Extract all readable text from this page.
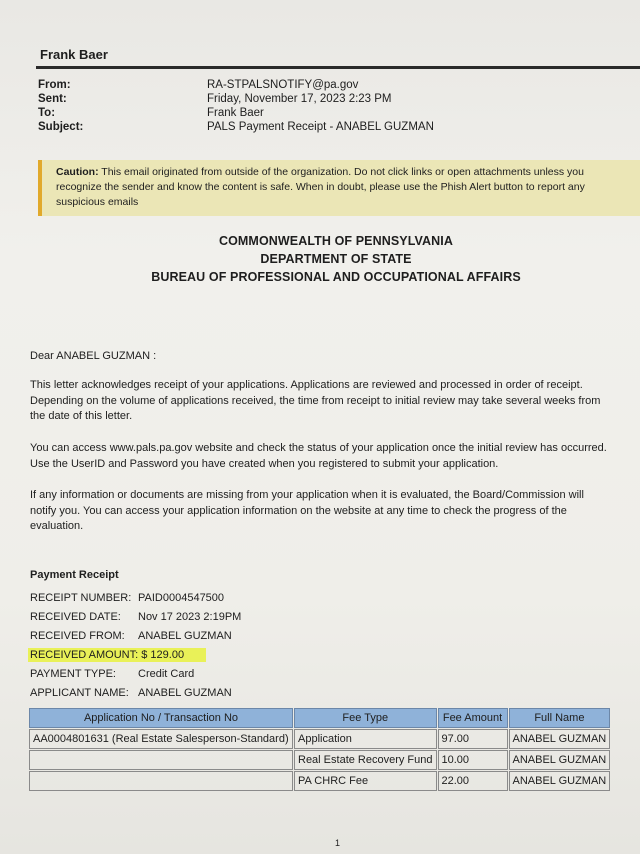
Frank Baer
From:	RA-STPALSNOTIFY@pa.gov
Sent:	Friday, November 17, 2023 2:23 PM
To:	Frank Baer
Subject:	PALS Payment Receipt - ANABEL GUZMAN
Caution: This email originated from outside of the organization. Do not click links or open attachments unless you recognize the sender and know the content is safe. When in doubt, please use the Phish Alert button to report any suspicious emails
COMMONWEALTH OF PENNSYLVANIA
DEPARTMENT OF STATE
BUREAU OF PROFESSIONAL AND OCCUPATIONAL AFFAIRS
Dear ANABEL GUZMAN :
This letter acknowledges receipt of your applications. Applications are reviewed and processed in order of receipt.
Depending on the volume of applications received, the time from receipt to initial review may take several weeks from
the date of this letter.
You can access www.pals.pa.gov website and check the status of your application once the initial review has occurred.
Use the UserID and Password you have created when you registered to submit your application.
If any information or documents are missing from your application when it is evaluated, the Board/Commission will
notify you. You can access your application information on the website at any time to check the progress of the
evaluation.
Payment Receipt
RECEIPT NUMBER: PAID0004547500
RECEIVED DATE:	Nov 17 2023 2:19PM
RECEIVED FROM:	ANABEL GUZMAN
RECEIVED AMOUNT: $ 129.00
PAYMENT TYPE:	Credit Card
APPLICANT NAME: ANABEL GUZMAN
Application No / Transaction No	Fee Type	Fee Amount	Full Name
AA0004801631 (Real Estate Salesperson-Standard)	Application	97.00	ANABEL GUZMAN
	Real Estate Recovery Fund	10.00	ANABEL GUZMAN
	PA CHRC Fee	22.00	ANABEL GUZMAN
1
